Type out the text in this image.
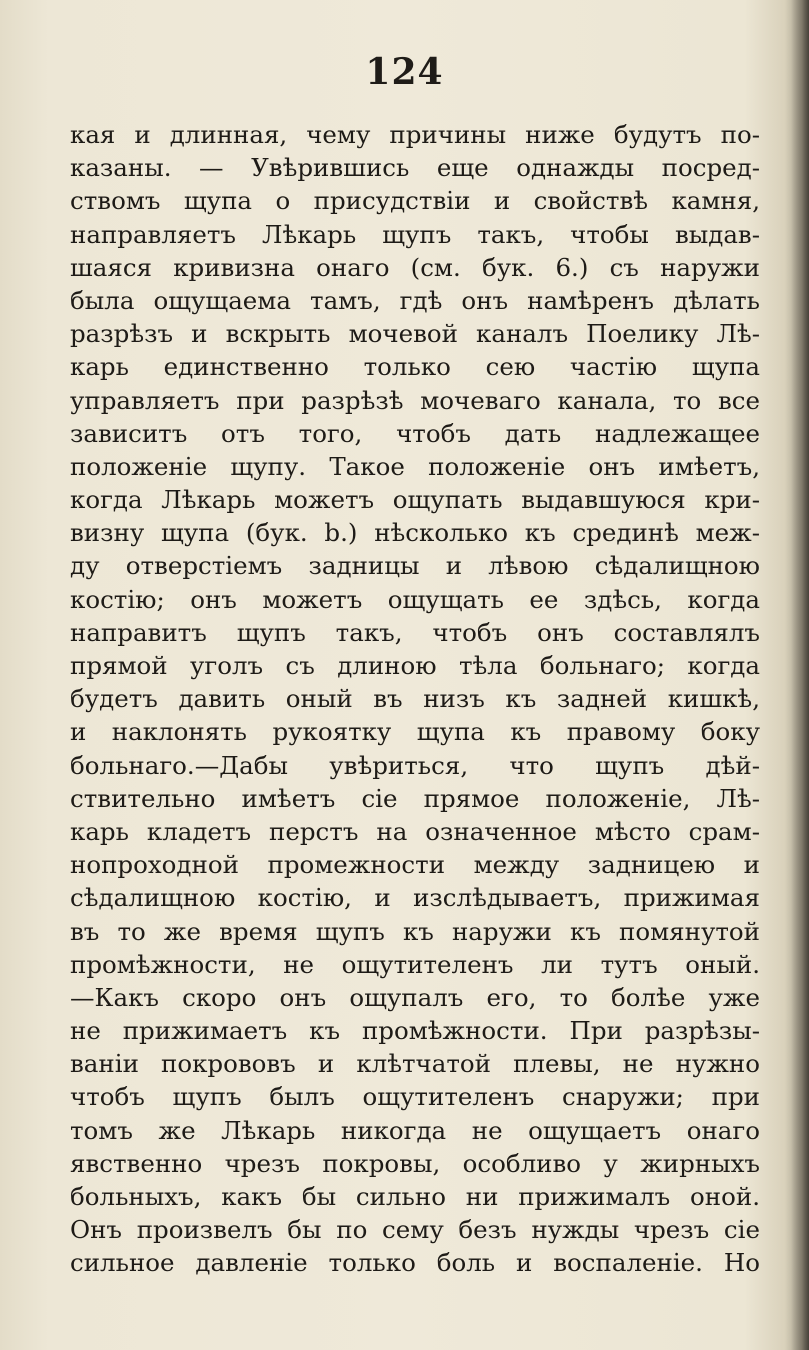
124
кая и длинная, чему причины ниже будутъ по-
казаны. — Увѣрившись еще однажды посред-
ствомъ щупа о присудствіи и свойствѣ камня,
направляетъ Лѣкарь щупъ такъ, чтобы выдав-
шаяся кривизна онаго (см. бук. 6.) съ наружи
была ощущаема тамъ, гдѣ онъ намѣренъ дѣлать
разрѣзъ и вскрыть мочевой каналъ Поелику Лѣ-
карь единственно только сею частію щупа
управляетъ при разрѣзѣ мочеваго канала, то все
зависитъ отъ того, чтобъ дать надлежащее
положеніе щупу. Такое положеніе онъ имѣетъ,
когда Лѣкарь можетъ ощупать выдавшуюся кри-
визну щупа (бук. b.) нѣсколько къ срединѣ меж-
ду отверстіемъ задницы и лѣвою сѣдалищною
костію; онъ можетъ ощущать ее здѣсь, когда
направитъ щупъ такъ, чтобъ онъ составлялъ
прямой уголъ съ длиною тѣла больнаго; когда
будетъ давить оный въ низъ къ задней кишкѣ,
и наклонять рукоятку щупа къ правому боку
больнаго.—Дабы увѣриться, что щупъ дѣй-
ствительно имѣетъ сіе прямое положеніе, Лѣ-
карь кладетъ перстъ на означенное мѣсто срам-
нопроходной промежности между задницею и
сѣдалищною костію, и изслѣдываетъ, прижимая
въ то же время щупъ къ наружи къ помянутой
промѣжности, не ощутителенъ ли тутъ оный.
—Какъ скоро онъ ощупалъ его, то болѣе уже
не прижимаетъ къ промѣжности. При разрѣзы-
ваніи покрововъ и клѣтчатой плевы, не нужно
чтобъ щупъ былъ ощутителенъ снаружи; при
томъ же Лѣкарь никогда не ощущаетъ онаго
явственно чрезъ покровы, особливо у жирныхъ
больныхъ, какъ бы сильно ни прижималъ оной.
Онъ произвелъ бы по сему безъ нужды чрезъ сіе
сильное давленіе только боль и воспаленіе. Но
